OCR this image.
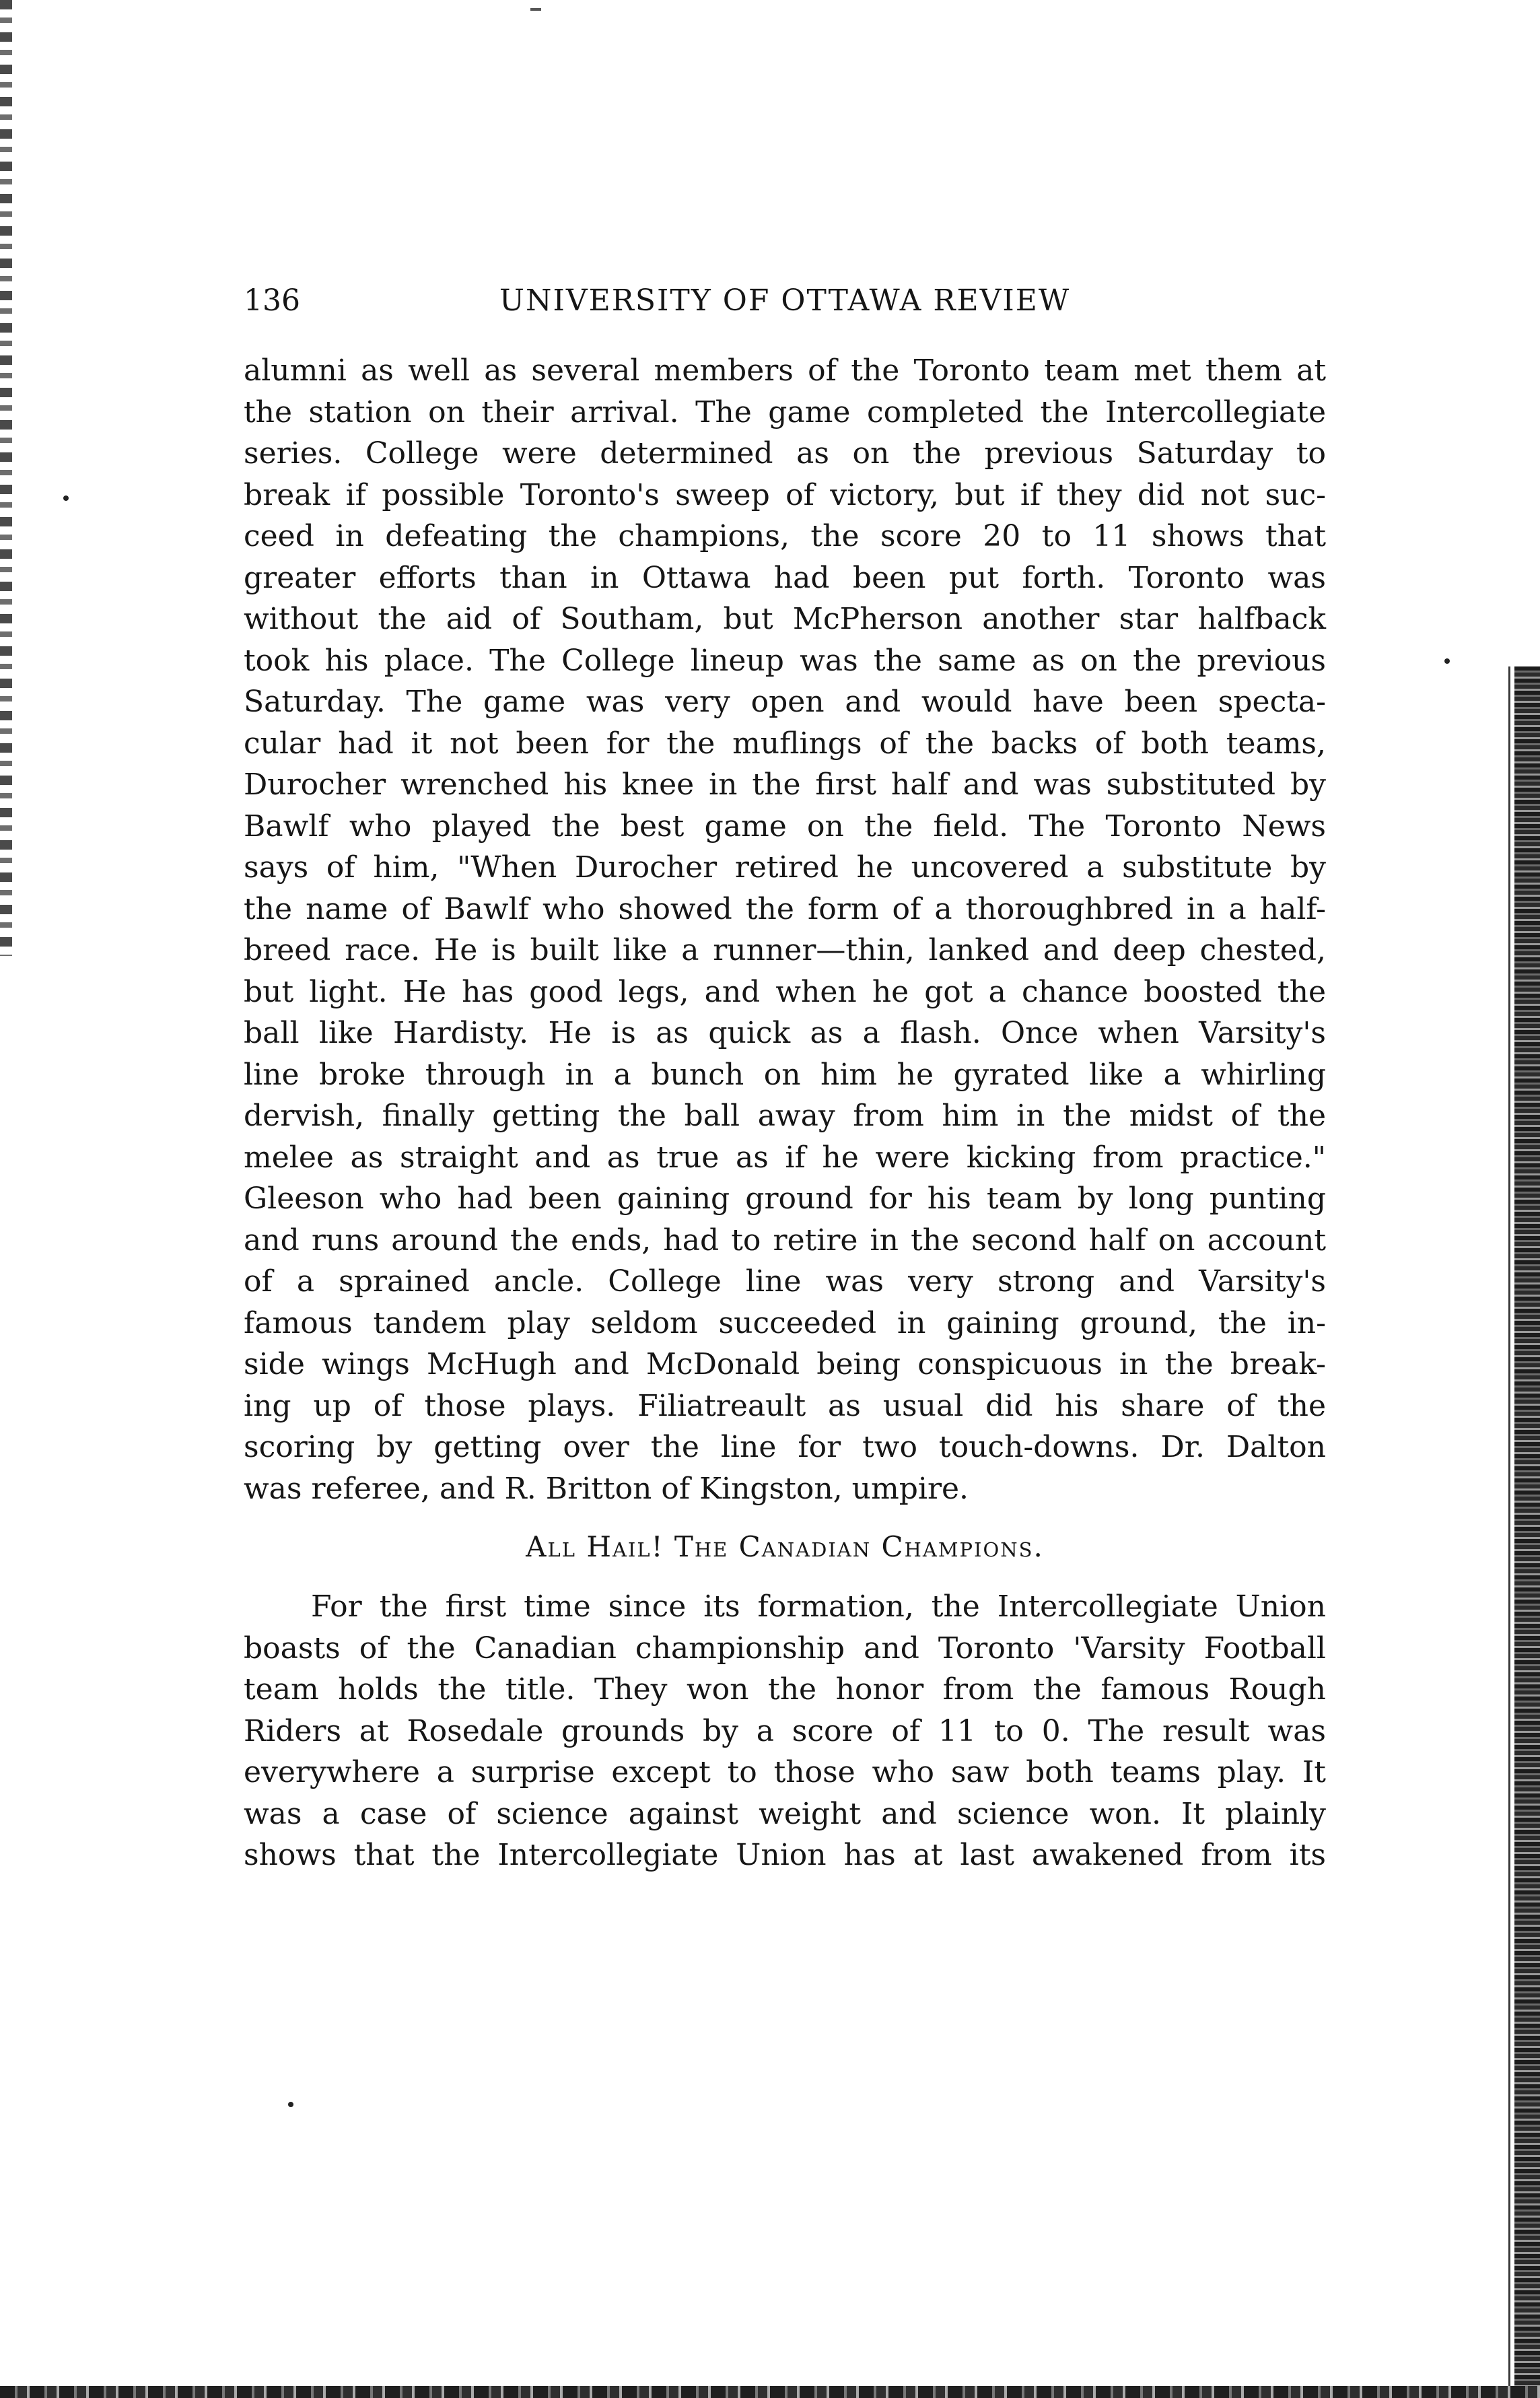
136	UNIVERSITY OF OTTAWA REVIEW
alumni as well as several members of the Toronto team met them at
the station on their arrival. The game completed the Intercollegiate
series. College were determined as on the previous Saturday to
break if possible Toronto's sweep of victory, but if they did not suc-
ceed in defeating the champions, the score 20 to 11 shows that
greater efforts than in Ottawa had been put forth. Toronto was
without the aid of Southam, but McPherson another star halfback
took his place. The College lineup was the same as on the previous
Saturday. The game was very open and would have been specta-
cular had it not been for the muflings of the backs of both teams,
Durocher wrenched his knee in the first half and was substituted by
Bawlf who played the best game on the field. The Toronto News
says of him, "When Durocher retired he uncovered a substitute by
the name of Bawlf who showed the form of a thoroughbred in a half-
breed race. He is built like a runner—thin, lanked and deep chested,
but light. He has good legs, and when he got a chance boosted the
ball like Hardisty. He is as quick as a flash. Once when Varsity's
line broke through in a bunch on him he gyrated like a whirling
dervish, finally getting the ball away from him in the midst of the
melee as straight and as true as if he were kicking from practice."
Gleeson who had been gaining ground for his team by long punting
and runs around the ends, had to retire in the second half on account
of a sprained ancle. College line was very strong and Varsity's
famous tandem play seldom succeeded in gaining ground, the in-
side wings McHugh and McDonald being conspicuous in the break-
ing up of those plays. Filiatreault as usual did his share of the
scoring by getting over the line for two touch-downs. Dr. Dalton
was referee, and R. Britton of Kingston, umpire.
All Hail! The Canadian Champions.
For the first time since its formation, the Intercollegiate Union
boasts of the Canadian championship and Toronto 'Varsity Football
team holds the title. They won the honor from the famous Rough
Riders at Rosedale grounds by a score of 11 to 0. The result was
everywhere a surprise except to those who saw both teams play. It
was a case of science against weight and science won. It plainly
shows that the Intercollegiate Union has at last awakened from its
